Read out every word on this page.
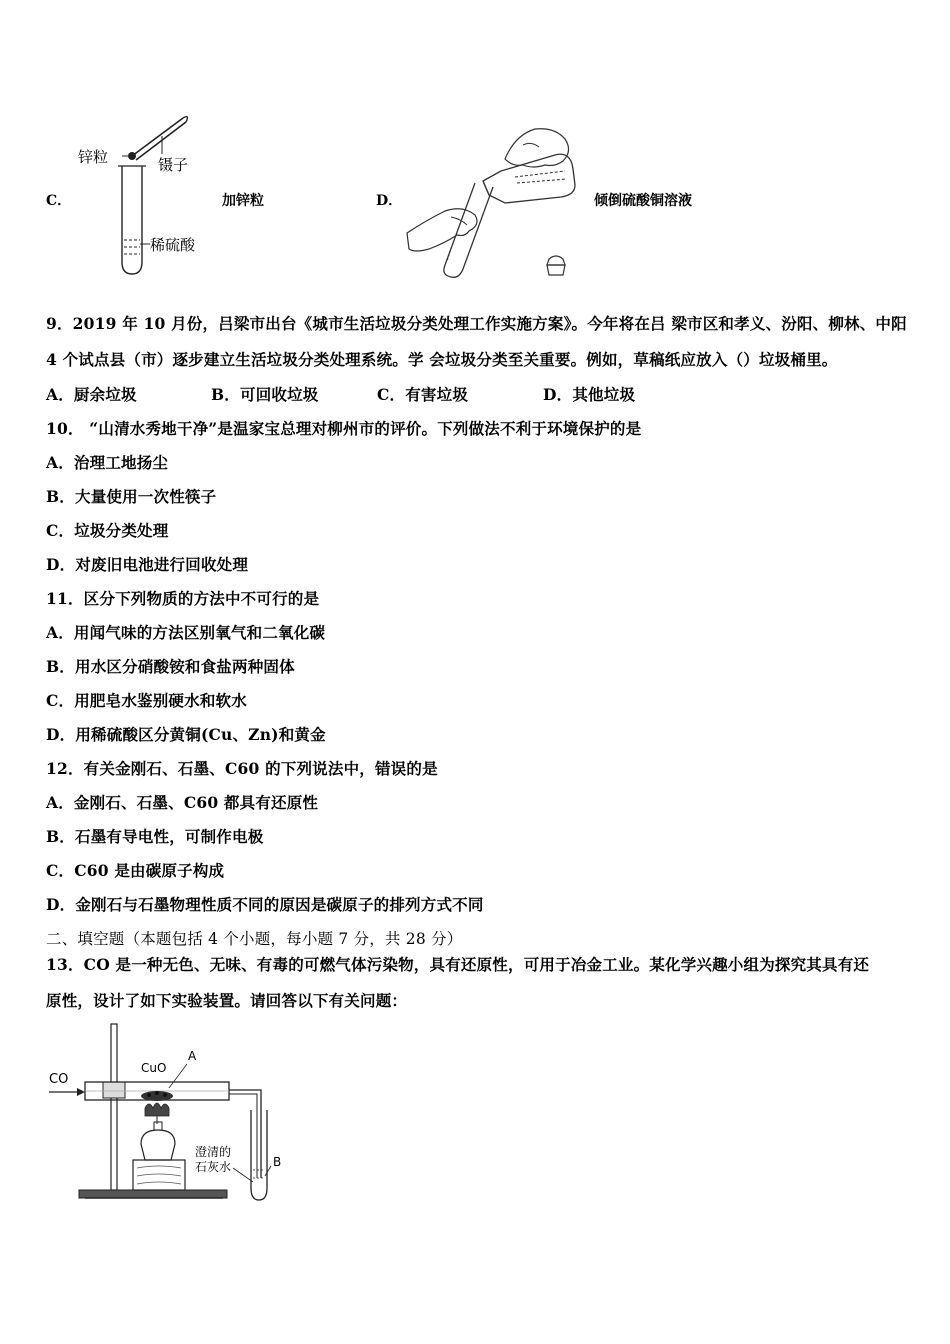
锌粒	镊子
稀硫酸
C．	加锌粒	D．	倾倒硫酸铜溶液
9．2019 年 10 月份，吕梁市出台《城市生活垃圾分类处理工作实施方案》。今年将在吕 梁市区和孝义、汾阳、柳林、中阳
4 个试点县（市）逐步建立生活垃圾分类处理系统。学 会垃圾分类至关重要。例如，草稿纸应放入（）垃圾桶里。
A．厨余垃圾	B．可回收垃圾	C．有害垃圾	D．其他垃圾
10． “山清水秀地干净”是温家宝总理对柳州市的评价。下列做法不利于环境保护的是
A．治理工地扬尘
B．大量使用一次性筷子
C．垃圾分类处理
D．对废旧电池进行回收处理
11．区分下列物质的方法中不可行的是
A．用闻气味的方法区别氧气和二氧化碳
B．用水区分硝酸铵和食盐两种固体
C．用肥皂水鉴别硬水和软水
D．用稀硫酸区分黄铜(Cu、Zn)和黄金
12．有关金刚石、石墨、C60 的下列说法中，错误的是
A．金刚石、石墨、C60 都具有还原性
B．石墨有导电性，可制作电极
C．C60 是由碳原子构成
D．金刚石与石墨物理性质不同的原因是碳原子的排列方式不同
二、填空题（本题包括 4 个小题，每小题 7 分，共 28 分）
13．CO 是一种无色、无味、有毒的可燃气体污染物，具有还原性，可用于冶金工业。某化学兴趣小组为探究其具有还
原性，设计了如下实验装置。请回答以下有关问题：
CO
CuO
A
澄清的
石灰水	B
